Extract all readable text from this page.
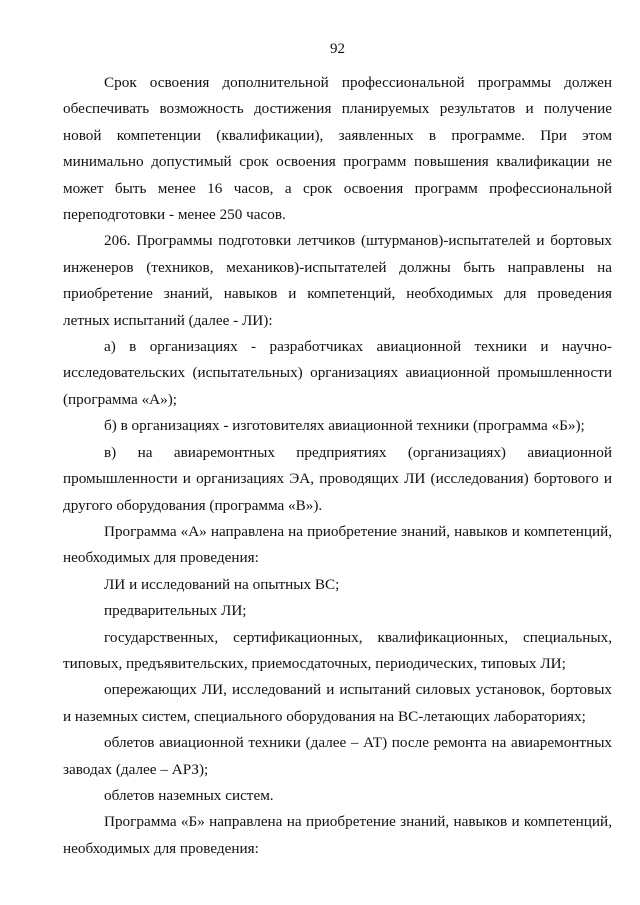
92

Срок освоения дополнительной профессиональной программы должен обеспечивать возможность достижения планируемых результатов и получение новой компетенции (квалификации), заявленных в программе. При этом минимально допустимый срок освоения программ повышения квалификации не может быть менее 16 часов, а срок освоения программ профессиональной переподготовки - менее 250 часов.

206. Программы подготовки летчиков (штурманов)-испытателей и бортовых инженеров (техников, механиков)-испытателей должны быть направлены на приобретение знаний, навыков и компетенций, необходимых для проведения летных испытаний (далее - ЛИ):

а) в организациях - разработчиках авиационной техники и научно-исследовательских (испытательных) организациях авиационной промышленности (программа «А»);

б) в организациях - изготовителях авиационной техники (программа «Б»);

в) на авиаремонтных предприятиях (организациях) авиационной промышленности и организациях ЭА, проводящих ЛИ (исследования) бортового и другого оборудования (программа «В»).

Программа «А» направлена на приобретение знаний, навыков и компетенций, необходимых для проведения:

ЛИ и исследований на опытных ВС;

предварительных ЛИ;

государственных, сертификационных, квалификационных, специальных, типовых, предъявительских, приемосдаточных, периодических, типовых ЛИ;

опережающих ЛИ, исследований и испытаний силовых установок, бортовых и наземных систем, специального оборудования на ВС-летающих лабораториях;

облетов авиационной техники (далее – АТ) после ремонта на авиаремонтных заводах (далее – АРЗ);

облетов наземных систем.

Программа «Б» направлена на приобретение знаний, навыков и компетенций, необходимых для проведения:
